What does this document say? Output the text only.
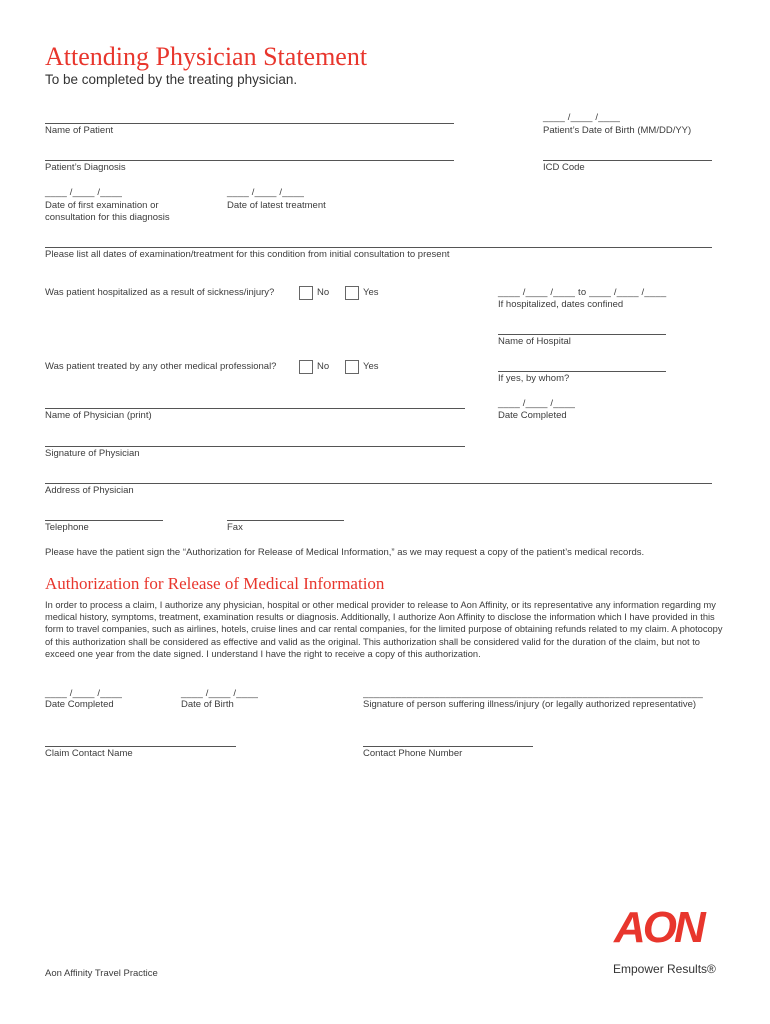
Attending Physician Statement
To be completed by the treating physician.
Name of Patient
____ /____ /____
Patient’s Date of Birth (MM/DD/YY)
Patient’s Diagnosis	ICD Code
____ /____ /____
Date of first examination or consultation for this diagnosis
____ /____ /____
Date of latest treatment
Please list all dates of examination/treatment for this condition from initial consultation to present
Was patient hospitalized as a result of sickness/injury?	No	Yes	____ /____ /____ to ____ /____ /____
If hospitalized, dates confined
Name of Hospital
Was patient treated by any other medical professional?	No	Yes
If yes, by whom?
Name of Physician (print)
____ /____ /____
Date Completed
Signature of Physician
Address of Physician
Telephone	Fax
Please have the patient sign the “Authorization for Release of Medical Information,” as we may request a copy of the patient’s medical records.
Authorization for Release of Medical Information
In order to process a claim, I authorize any physician, hospital or other medical provider to release to Aon Affinity, or its representative any information regarding my medical history, symptoms, treatment, examination results or diagnosis. Additionally, I authorize Aon Affinity to disclose the information which I have provided in this form to travel companies, such as airlines, hotels, cruise lines and car rental companies, for the limited purpose of obtaining refunds related to my claim. A photocopy of this authorization shall be considered as effective and valid as the original. This authorization shall be considered valid for the duration of the claim, but not to exceed one year from the date signed. I understand I have the right to receive a copy of this authorization.
____ /____ /____
Date Completed
____ /____ /____
Date of Birth
______________________________________________________________
Signature of person suffering illness/injury (or legally authorized representative)
Claim Contact Name	Contact Phone Number
Aon Affinity Travel Practice
AON
Empower Results®
